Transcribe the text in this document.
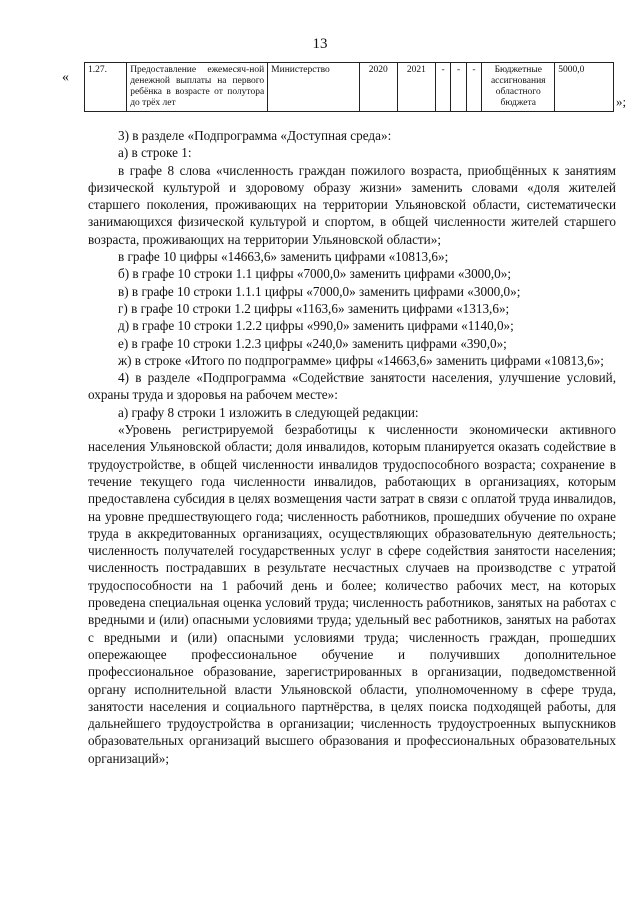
13
« 1.27.	Предоставление ежемесяч-ной денежной выплаты на первого ребёнка в возрасте от полутора до трёх лет	Министерство	2020	2021	-	-	-	Бюджетные ассигнования областного бюджета	5000,0
»;

3) в разделе «Подпрограмма «Доступная среда»:

а) в строке 1:

в графе 8 слова «численность граждан пожилого возраста, приобщённых к занятиям физической культурой и здоровому образу жизни» заменить словами «доля жителей старшего поколения, проживающих на территории Ульяновской области, систематически занимающихся физической культурой и спортом, в общей численности жителей старшего возраста, проживающих на территории Ульяновской области»;

в графе 10 цифры «14663,6» заменить цифрами «10813,6»;

б) в графе 10 строки 1.1 цифры «7000,0» заменить цифрами «3000,0»;

в) в графе 10 строки 1.1.1 цифры «7000,0» заменить цифрами «3000,0»;

г) в графе 10 строки 1.2 цифры «1163,6» заменить цифрами «1313,6»;

д) в графе 10 строки 1.2.2 цифры «990,0» заменить цифрами «1140,0»;

е) в графе 10 строки 1.2.3 цифры «240,0» заменить цифрами «390,0»;

ж) в строке «Итого по подпрограмме» цифры «14663,6» заменить цифрами «10813,6»;

4) в разделе «Подпрограмма «Содействие занятости населения, улучшение условий, охраны труда и здоровья на рабочем месте»:

а) графу 8 строки 1 изложить в следующей редакции:

«Уровень регистрируемой безработицы к численности экономически активного населения Ульяновской области; доля инвалидов, которым планируется оказать содействие в трудоустройстве, в общей численности инвалидов трудоспособного возраста; сохранение в течение текущего года численности инвалидов, работающих в организациях, которым предоставлена субсидия в целях возмещения части затрат в связи с оплатой труда инвалидов, на уровне предшествующего года; численность работников, прошедших обучение по охране труда в аккредитованных организациях, осуществляющих образовательную деятельность; численность получателей государственных услуг в сфере содействия занятости населения; численность пострадавших в результате несчастных случаев на производстве с утратой трудоспособности на 1 рабочий день и более; количество рабочих мест, на которых проведена специальная оценка условий труда; численность работников, занятых на работах с вредными и (или) опасными условиями труда; удельный вес работников, занятых на работах с вредными и (или) опасными условиями труда; численность граждан, прошедших опережающее профессиональное обучение и получивших дополнительное профессиональное образование, зарегистрированных в организации, подведомственной органу исполнительной власти Ульяновской области, уполномоченному в сфере труда, занятости населения и социального партнёрства, в целях поиска подходящей работы, для дальнейшего трудоустройства в организации; численность трудоустроенных выпускников образовательных организаций высшего образования и профессиональных образовательных организаций»;
